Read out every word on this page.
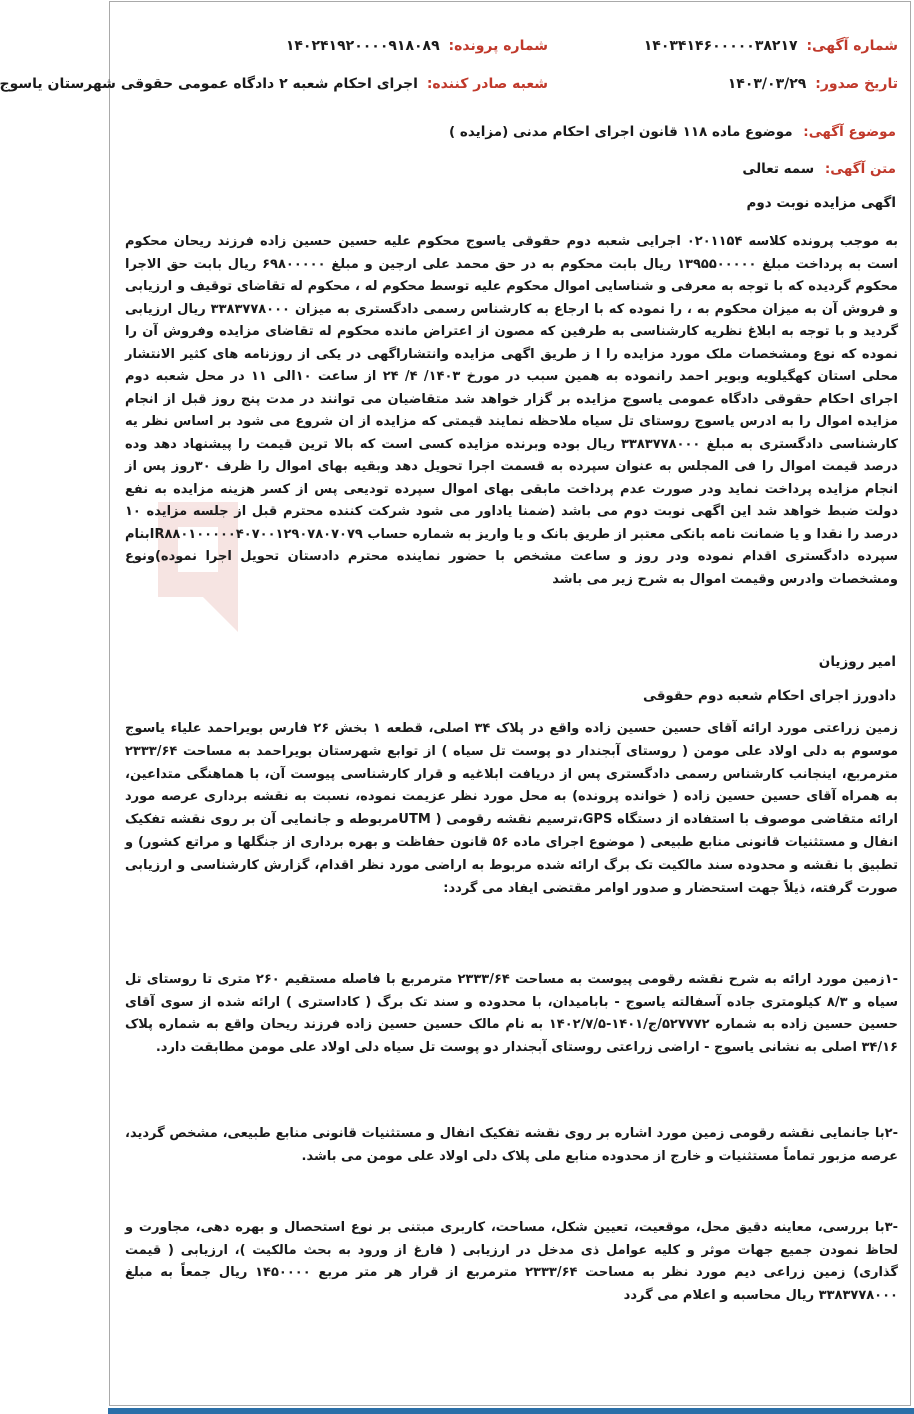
شماره آگهی: ۱۴۰۳۴۱۴۶۰۰۰۰۰۳۸۲۱۷
شماره پرونده: ۱۴۰۲۴۱۹۲۰۰۰۰۹۱۸۰۸۹
تاریخ صدور: ۱۴۰۳/۰۳/۲۹
شعبه صادر کننده: اجرای احکام شعبه ۲ دادگاه عمومی حقوقی شهرستان یاسوج
موضوع آگهی: موضوع ماده ۱۱۸ قانون اجرای احکام مدنی (مزایده )
متن آگهی: سمه تعالی
اگهی مزایده نوبت دوم
به موجب پرونده کلاسه ۰۲۰۱۱۵۴ اجرایی شعبه دوم حقوقی یاسوج محکوم علیه حسین حسین زاده فرزند ریحان محکوم است به پرداخت مبلغ ۱۳۹۵۵۰۰۰۰۰ ریال بابت محکوم به در حق محمد علی ارجین و مبلغ ۶۹۸۰۰۰۰۰ ریال بابت حق الاجرا محکوم گردیده که با توجه به معرفی و شناسایی اموال محکوم علیه توسط محکوم له ، محکوم له تقاضای توقیف و ارزیابی و فروش آن به میزان محکوم به ، را نموده که با ارجاع به کارشناس رسمی دادگستری به میزان ۳۳۸۳۷۷۸۰۰۰ ریال ارزیابی گردید و با توجه به ابلاغ نظریه کارشناسی به طرفین که مصون از اعتراض مانده محکوم له تقاضای مزایده وفروش آن را نموده که نوع ومشخصات ملک مورد مزایده را ا ز طریق اگهی مزایده وانتشاراگهی در یکی از روزنامه های کثیر الانتشار محلی استان کهگیلویه وبویر احمد رانموده به همین سبب در مورخ ۱۴۰۳/ ۴/ ۲۴ از ساعت ۱۰الی ۱۱ در محل شعبه دوم اجرای احکام حقوقی دادگاه عمومی یاسوج مزایده بر گزار خواهد شد متقاضیان می توانند در مدت پنج روز قبل از انجام مزایده اموال را به ادرس یاسوج روستای تل سیاه ملاحظه نمایند قیمتی که مزایده از ان شروع می شود بر اساس نظر یه کارشناسی دادگستری به مبلغ ۳۳۸۳۷۷۸۰۰۰ ریال بوده وبرنده مزایده کسی است که بالا ترین قیمت را پیشنهاد دهد وده درصد قیمت اموال را فی المجلس به عنوان سپرده به قسمت اجرا تحویل دهد وبقیه بهای اموال را ظرف ۳۰روز پس از انجام مزایده پرداخت نماید ودر صورت عدم پرداخت مابقی بهای اموال سپرده تودیعی پس از کسر هزینه مزایده به نفع دولت ضبط خواهد شد این اگهی نوبت دوم می باشد (ضمنا یاداور می شود شرکت کننده محترم قبل از جلسه مزایده ۱۰ درصد را نقدا و یا ضمانت نامه بانکی معتبر از طریق بانک و یا واریز به شماره حساب IR۸۸۰۱۰۰۰۰۰۴۰۷۰۰۱۲۹۰۷۸۰۷۰۷۹بنام سپرده دادگستری اقدام نموده ودر روز و ساعت مشخص با حضور نماینده محترم دادستان تحویل اجرا نموده)ونوع ومشخصات وادرس وقیمت اموال به شرح زیر می باشد
امیر روزیان
دادورز اجرای احکام شعبه دوم حقوقی
زمین زراعتی مورد ارائه آقای حسین حسین زاده واقع در پلاک ۳۴ اصلی، قطعه ۱ بخش ۲۶ فارس بویراحمد علیاء یاسوج موسوم به دلی اولاد علی مومن ( روستای آبجندار دو پوست تل سیاه ) از توابع شهرستان بویراحمد به مساحت ۲۳۳۳/۶۴ مترمربع، اینجانب کارشناس رسمی دادگستری پس از دریافت ابلاغیه و قرار کارشناسی پیوست آن، با هماهنگی متداعین، به همراه آقای حسین حسین زاده ( خوانده پرونده) به محل مورد نظر عزیمت نموده، نسبت به نقشه برداری عرصه مورد ارائه متقاضی موصوف با استفاده از دستگاه GPS،ترسیم نقشه رقومی ( UTMمربوطه و جانمایی آن بر روی نقشه تفکیک انفال و مستثنیات قانونی منابع طبیعی ( موضوع اجرای ماده ۵۶ قانون حفاظت و بهره برداری از جنگلها و مراتع کشور) و تطبیق با نقشه و محدوده سند مالکیت تک برگ ارائه شده مربوط به اراضی مورد نظر اقدام، گزارش کارشناسی و ارزیابی صورت گرفته، ذیلاً جهت استحضار و صدور اوامر مقتضی ایفاد می گردد:
-۱زمین مورد ارائه به شرح نقشه رقومی پیوست به مساحت ۲۳۳۳/۶۴ مترمربع با فاصله مستقیم ۲۶۰ متری تا روستای تل سیاه و ۸/۳ کیلومتری جاده آسفالته یاسوج - بابامیدان، با محدوده و سند تک برگ ( کاداستری ) ارائه شده از سوی آقای حسین حسین زاده به شماره ۵۲۷۷۷۲/ج/۱۴۰۱-۱۴۰۲/۷/۵ به نام مالک حسین حسین زاده فرزند ریحان واقع به شماره پلاک ۳۴/۱۶ اصلی به نشانی یاسوج - اراضی زراعتی روستای آبجندار دو پوست تل سیاه دلی اولاد علی مومن مطابقت دارد.
-۲با جانمایی نقشه رقومی زمین مورد اشاره بر روی نقشه تفکیک انفال و مستثنیات قانونی منابع طبیعی، مشخص گردید، عرصه مزبور تماماً مستثنیات و خارج از محدوده منابع ملی پلاک دلی اولاد علی مومن می باشد.
-۳با بررسی، معاینه دقیق محل، موقعیت، تعیین شکل، مساحت، کاربری مبتنی بر نوع استحصال و بهره دهی، مجاورت و لحاظ نمودن جمیع جهات موثر و کلیه عوامل ذی مدخل در ارزیابی ( فارغ از ورود به بحث مالکیت )، ارزیابی ( قیمت گذاری) زمین زراعی دیم مورد نظر به مساحت ۲۳۳۳/۶۴ مترمربع از قرار هر متر مربع ۱۴۵۰۰۰۰ ریال جمعاً به مبلغ ۳۳۸۳۷۷۸۰۰۰ ریال محاسبه و اعلام می گردد
